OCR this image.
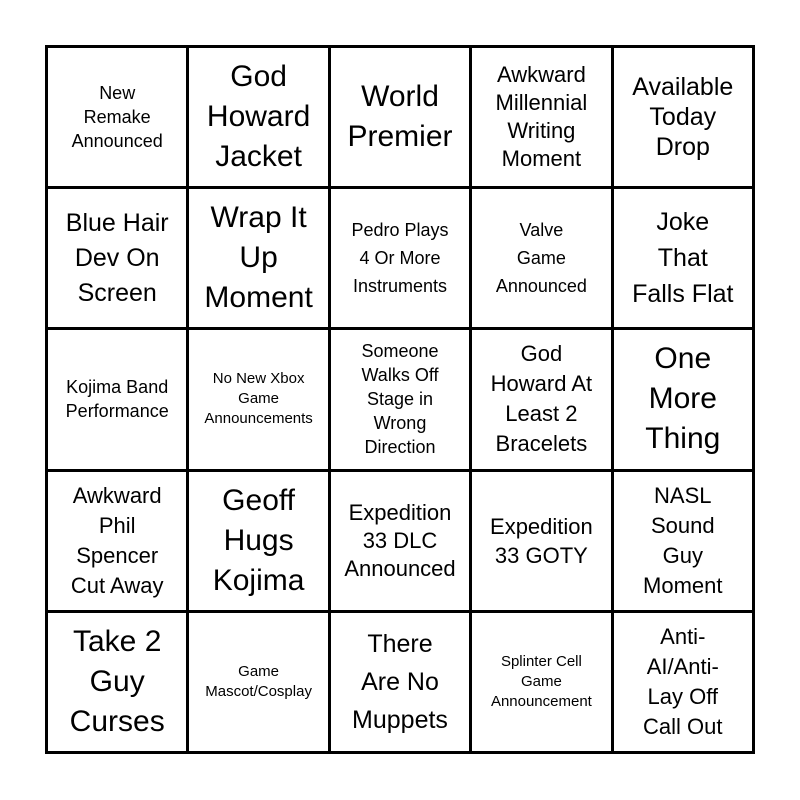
New
Remake
Announced
God
Howard
Jacket
World
Premier
Awkward
Millennial
Writing
Moment
Available
Today
Drop
Blue Hair
Dev On
Screen
Wrap It
Up
Moment
Pedro Plays
4 Or More
Instruments
Valve
Game
Announced
Joke
That
Falls Flat
Kojima Band
Performance
No New Xbox
Game
Announcements
Someone
Walks Off
Stage in
Wrong
Direction
God
Howard At
Least 2
Bracelets
One
More
Thing
Awkward
Phil
Spencer
Cut Away
Geoff
Hugs
Kojima
Expedition
33 DLC
Announced
Expedition
33 GOTY
NASL
Sound
Guy
Moment
Take 2
Guy
Curses
Game
Mascot/Cosplay
There
Are No
Muppets
Splinter Cell
Game
Announcement
Anti-
AI/Anti-
Lay Off
Call Out
